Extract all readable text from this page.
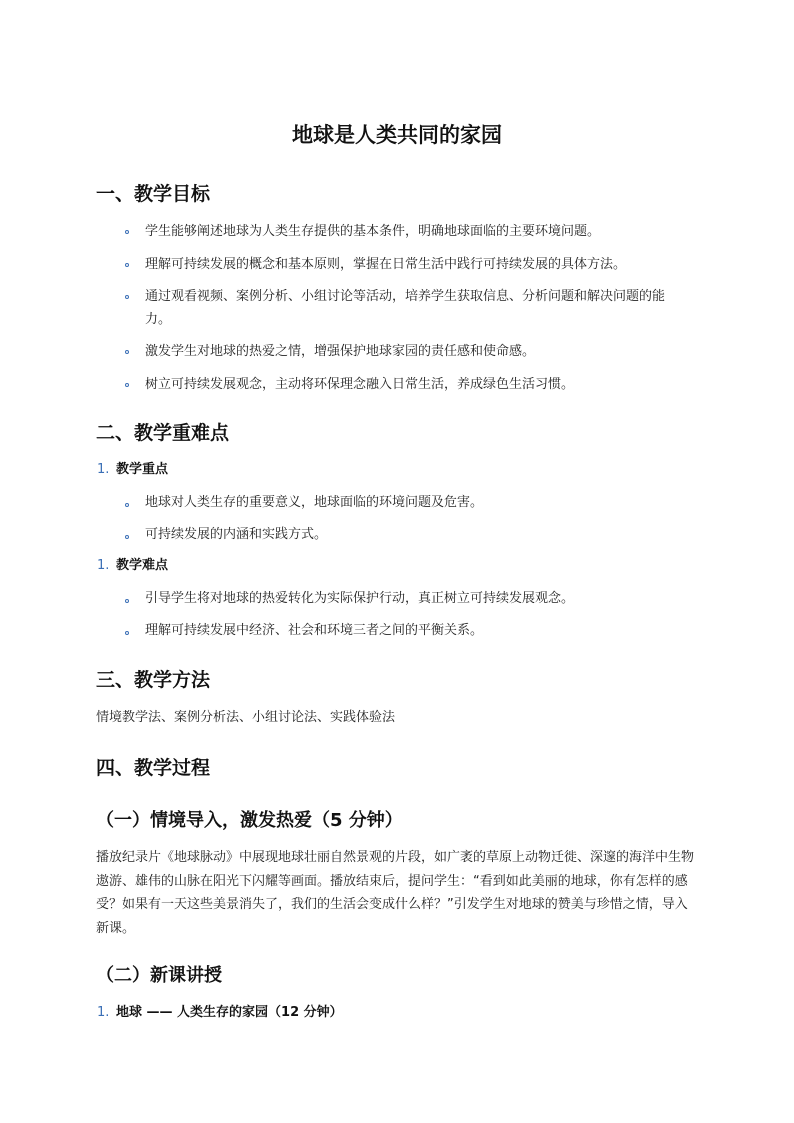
地球是人类共同的家园
一、教学目标
学生能够阐述地球为人类生存提供的基本条件，明确地球面临的主要环境问题。
理解可持续发展的概念和基本原则，掌握在日常生活中践行可持续发展的具体方法。
通过观看视频、案例分析、小组讨论等活动，培养学生获取信息、分析问题和解决问题的能力。
激发学生对地球的热爱之情，增强保护地球家园的责任感和使命感。
树立可持续发展观念，主动将环保理念融入日常生活，养成绿色生活习惯。
二、教学重难点
1. 教学重点
地球对人类生存的重要意义，地球面临的环境问题及危害。
可持续发展的内涵和实践方式。
1. 教学难点
引导学生将对地球的热爱转化为实际保护行动，真正树立可持续发展观念。
理解可持续发展中经济、社会和环境三者之间的平衡关系。
三、教学方法
情境教学法、案例分析法、小组讨论法、实践体验法
四、教学过程
（一）情境导入，激发热爱（5 分钟）
播放纪录片《地球脉动》中展现地球壮丽自然景观的片段，如广袤的草原上动物迁徙、深邃的海洋中生物遨游、雄伟的山脉在阳光下闪耀等画面。播放结束后，提问学生：“看到如此美丽的地球，你有怎样的感受？如果有一天这些美景消失了，我们的生活会变成什么样？”引发学生对地球的赞美与珍惜之情，导入新课。
（二）新课讲授
1. 地球 —— 人类生存的家园（12 分钟）
